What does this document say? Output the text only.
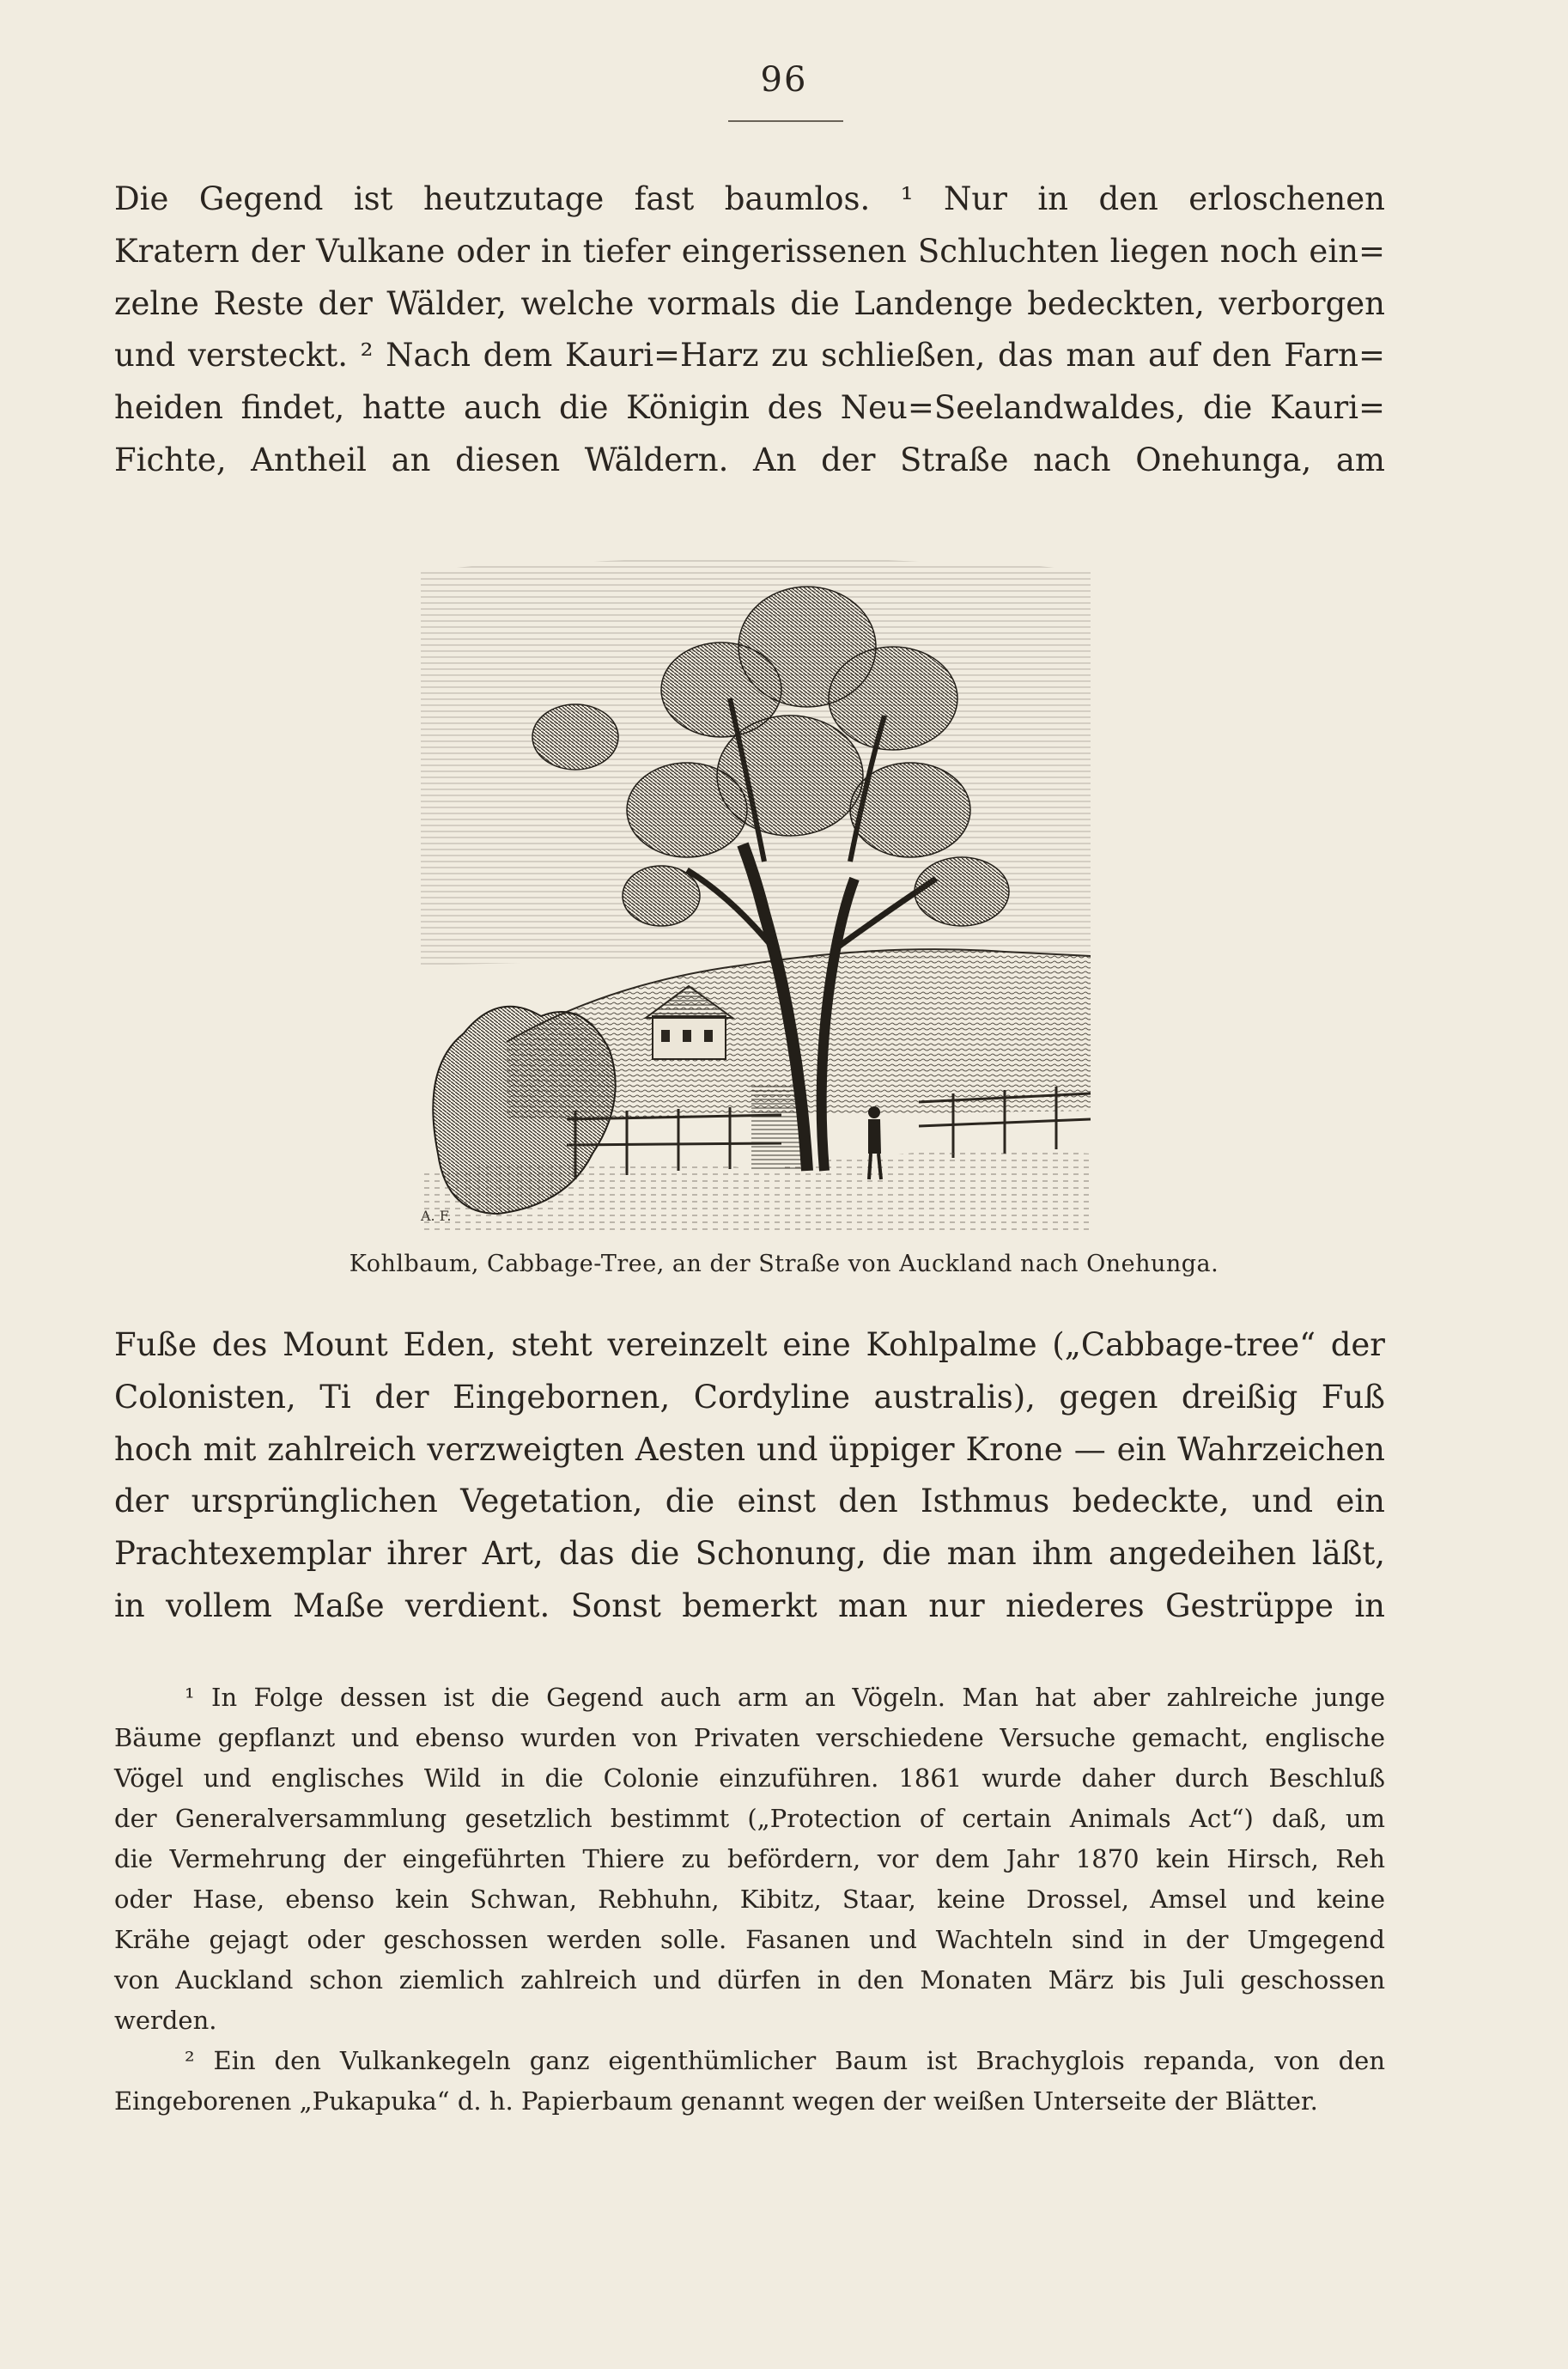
96
Die Gegend ist heutzutage fast baumlos. ¹ Nur in den erloschenen
Kratern der Vulkane oder in tiefer eingerissenen Schluchten liegen noch ein=
zelne Reste der Wälder, welche vormals die Landenge bedeckten, verborgen
und versteckt. ² Nach dem Kauri=Harz zu schließen, das man auf den Farn=
heiden findet, hatte auch die Königin des Neu=Seelandwaldes, die Kauri=
Fichte, Antheil an diesen Wäldern. An der Straße nach Onehunga, am
A. F.
Kohlbaum, Cabbage-Tree, an der Straße von Auckland nach Onehunga.
Fuße des Mount Eden, steht vereinzelt eine Kohlpalme („Cabbage-tree“ der
Colonisten, Ti der Eingebornen, Cordyline australis), gegen dreißig Fuß
hoch mit zahlreich verzweigten Aesten und üppiger Krone — ein Wahrzeichen
der ursprünglichen Vegetation, die einst den Isthmus bedeckte, und ein
Prachtexemplar ihrer Art, das die Schonung, die man ihm angedeihen läßt,
in vollem Maße verdient. Sonst bemerkt man nur niederes Gestrüppe in
¹ In Folge dessen ist die Gegend auch arm an Vögeln. Man hat aber zahlreiche junge
Bäume gepflanzt und ebenso wurden von Privaten verschiedene Versuche gemacht, englische
Vögel und englisches Wild in die Colonie einzuführen. 1861 wurde daher durch Beschluß
der Generalversammlung gesetzlich bestimmt („Protection of certain Animals Act“) daß, um
die Vermehrung der eingeführten Thiere zu befördern, vor dem Jahr 1870 kein Hirsch, Reh
oder Hase, ebenso kein Schwan, Rebhuhn, Kibitz, Staar, keine Drossel, Amsel und keine
Krähe gejagt oder geschossen werden solle. Fasanen und Wachteln sind in der Umgegend
von Auckland schon ziemlich zahlreich und dürfen in den Monaten März bis Juli geschossen
werden.
² Ein den Vulkankegeln ganz eigenthümlicher Baum ist Brachyglois repanda, von den
Eingeborenen „Pukapuka“ d. h. Papierbaum genannt wegen der weißen Unterseite der Blätter.
